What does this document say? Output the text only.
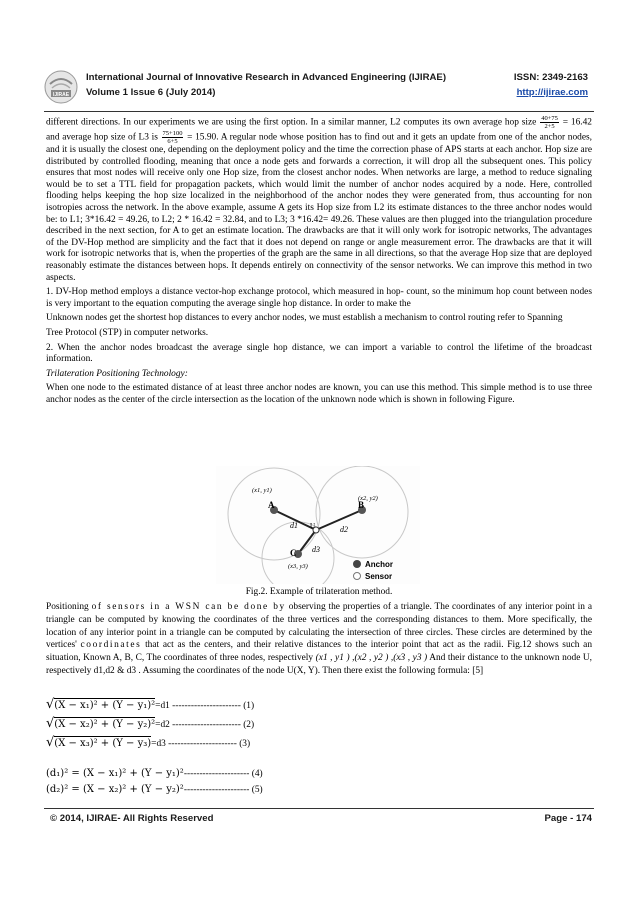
IJIRAE
International Journal of Innovative Research in Advanced Engineering (IJIRAE)
Volume 1 Issue 6 (July 2014)
ISSN: 2349-2163
http://ijirae.com

different directions. In our experiments we are using the first option. In a similar manner, L2 computes its own average hop size $\frac{40+75}{2+5} = 16.42$ and average hop size of L3 is $\frac{75+100}{6+5} = 15.90$. A regular node whose position has to find out and it gets an update from one of the anchor nodes, and it is usually the closest one, depending on the deployment policy and the time the correction phase of APS starts at each anchor. Hop size are distributed by controlled flooding, meaning that once a node gets and forwards a correction, it will drop all the subsequent ones. This policy ensures that most nodes will receive only one Hop size, from the closest anchor nodes. When networks are large, a method to reduce signaling would be to set a TTL field for propagation packets, which would limit the number of anchor nodes acquired by a node. Here, controlled flooding helps keeping the hop size localized in the neighborhood of the anchor nodes they were generated from, thus accounting for non isotropies across the network. In the above example, assume A gets its Hop size from L2 its estimate distances to the three anchor nodes would be: to L1; 3*16.42 = 49.26, to L2; 2 * 16.42 = 32.84, and to L3; 3 *16.42= 49.26. These values are then plugged into the triangulation procedure described in the next section, for A to get an estimate location. The drawbacks are that it will only work for isotropic networks, The advantages of the DV-Hop method are simplicity and the fact that it does not depend on range or angle measurement error. The drawbacks are that it will work for isotropic networks that is, when the properties of the graph are the same in all directions, so that the average Hop size that are deployed reasonably estimate the distances between hops. It depends entirely on connectivity of the sensor networks. We can improve this method in two aspects.

1. DV-Hop method employs a distance vector-hop exchange protocol, which measured in hop- count, so the minimum hop count between nodes is very important to the equation computing the average single hop distance. In order to make the

Unknown nodes get the shortest hop distances to every anchor nodes, we must establish a mechanism to control routing refer to Spanning

Tree Protocol (STP) in computer networks.

2. When the anchor nodes broadcast the average single hop distance, we can import a variable to control the lifetime of the broadcast information.

Trilateration Positioning Technology:

When one node to the estimated distance of at least three anchor nodes are known, you can use this method. This simple method is to use three anchor nodes as the center of the circle intersection as the location of the unknown node which is shown in following Figure.

A	B
C
U
(x1, y1)
(x2, y2)
(x3, y3)
d1	d2
d3
Anchor
Sensor
Fig.2. Example of trilateration method.

Positioning of sensors in a WSN can be done by observing the properties of a triangle. The coordinates of any interior point in a triangle can be computed by knowing the coordinates of the three vertices and the corresponding distances to them. More specifically, the location of any interior point in a triangle can be computed by calculating the intersection of three circles. These circles are determined by the vertices' coordinates that act as the centers, and their relative distances to the interior point that act as the radii. Fig.12 shows such an situation, Known A, B, C, The coordinates of three nodes, respectively (x1 , y1 ) ,(x2 , y2 ) ,(x3 , y3 ) And their distance to the unknown node U, respectively d1,d2 & d3 . Assuming the coordinates of the node U(X, Y). Then there exist the following formula: [5]

√(X − x₁)² + (Y − y₁)²=d1 ---------------------- (1)
√(X − x₂)² + (Y − y₂)²=d2 ---------------------- (2)
√(X − x₃)² + (Y − y₃)=d3 ---------------------- (3)
(d₁)² = (X − x₁)² + (Y − y₁)²--------------------- (4)
(d₂)² = (X − x₂)² + (Y − y₂)²--------------------- (5)
© 2014, IJIRAE- All Rights Reserved	Page - 174
